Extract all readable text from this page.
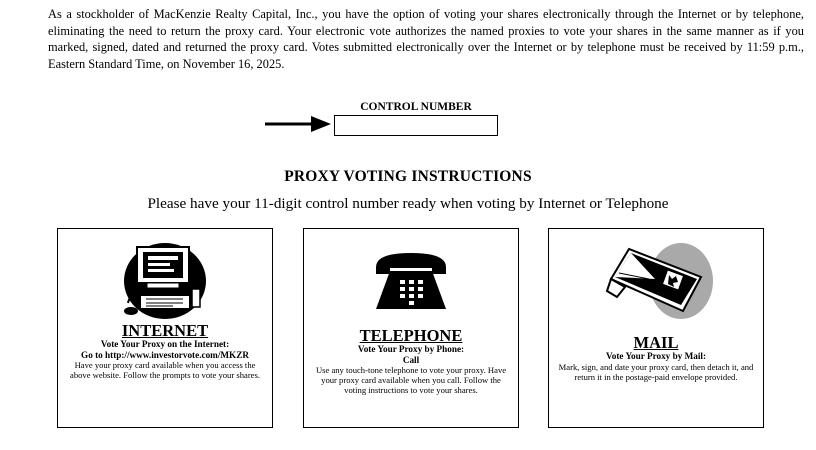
As a stockholder of MacKenzie Realty Capital, Inc., you have the option of voting your shares electronically through the Internet or by telephone, eliminating the need to return the proxy card. Your electronic vote authorizes the named proxies to vote your shares in the same manner as if you marked, signed, dated and returned the proxy card. Votes submitted electronically over the Internet or by telephone must be received by 11:59 p.m., Eastern Standard Time, on November 16, 2025.

CONTROL NUMBER
PROXY VOTING INSTRUCTIONS
Please have your 11-digit control number ready when voting by Internet or Telephone
INTERNET
Vote Your Proxy on the Internet:
Go to http://www.investorvote.com/MKZR
Have your proxy card available when you access the above website. Follow the prompts to vote your shares.
TELEPHONE
Vote Your Proxy by Phone:
Call
Use any touch-tone telephone to vote your proxy. Have your proxy card available when you call. Follow the voting instructions to vote your shares.
MAIL
Vote Your Proxy by Mail:
Mark, sign, and date your proxy card, then detach it, and return it in the postage-paid envelope provided.
